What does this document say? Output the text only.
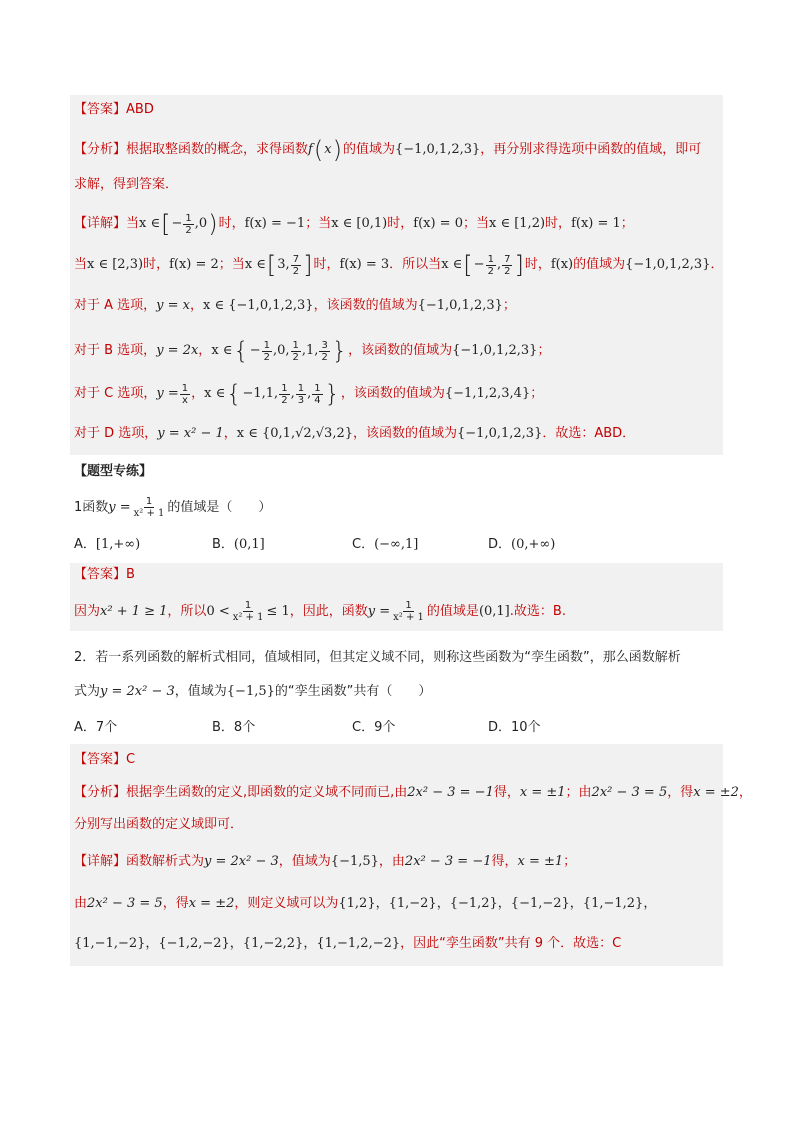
【答案】 ABD
【分析】 根据取整函数的概念，求得函数 f ( x ) 的值域为 {−1,0,1,2,3} ，再分别求得选项中函数的值域，即可
求解，得到答案．
【详解】 当 x ∈ [ − $\frac{1}{2} ,0$ ) 时， f(x) = −1 ；当 x ∈ [0,1) 时， f(x) = 0 ；当 x ∈ [1,2) 时， f(x) = 1 ；
当 x ∈ [2,3) 时， f(x) = 2 ；当 x ∈ [ 3, $\frac{7}{2}$ ] 时， f(x) = 3 ．所以当 x ∈ [ − $\frac{1}{2}$ , $\frac{7}{2}$ ] 时， f(x) 的值域为 {−1,0,1,2,3} ．
对于 A 选项， y = x ， x ∈ {−1,0,1,2,3} ，该函数的值域为 {−1,0,1,2,3} ；
对于 B 选项， y = 2x ， x ∈ { − $\frac{1}{2} ,0$, $\frac{1}{2} ,1$, $\frac{3}{2}$ } ，该函数的值域为 {−1,0,1,2,3} ；
对于 C 选项， $y = \frac{1}{x}$ ， x ∈ { −1,1, $\frac{1}{2}$ , $\frac{1}{3}$ , $\frac{1}{4}$ } ，该函数的值域为 {−1,1,2,3,4} ；
对于 D 选项， y = x² − 1 ， x ∈ {0,1,√2,√3,2} ，该函数的值域为 {−1,0,1,2,3} ．故选：ABD．
【题型专练】
1函数 $y = \frac{1}{\text{x² + 1}}$ 的值域是（　　）
A．[1,+∞)	B．(0,1]	C．(−∞,1]	D．(0,+∞)
【答案】 B
因为 x² + 1 ≥ 1 ，所以 $0 < \frac{1}{\text{x² + 1}} \le 1$ ，因此，函数 $y = \frac{1}{\text{x² + 1}}$ 的值域是 (0,1] .故选：B.
2．若一系列函数的解析式相同，值域相同，但其定义域不同，则称这些函数为“孪生函数”，那么函数解析
式为 y = 2x² − 3 ，值域为 {−1,5} 的“孪生函数”共有（　　）
A．7个	B．8个	C．9个	D．10个
【答案】 C
【分析】 根据孪生函数的定义,即函数的定义域不同而已,由 2x² − 3 = −1 得， x = ±1 ；由 2x² − 3 = 5 ，得 x = ±2 ，
分别写出函数的定义域即可．
【详解】 函数解析式为 y = 2x² − 3 ，值域为 {−1,5} ，由 2x² − 3 = −1 得， x = ±1 ；
由 2x² − 3 = 5 ，得 x = ±2 ，则定义域可以为 {1,2}，{1,−2}，{−1,2}，{−1,−2}，{1,−1,2}，
{1,−1,−2}，{−1,2,−2}，{1,−2,2}，{1,−1,2,−2} ，因此“孪生函数”共有 9 个．故选：C
